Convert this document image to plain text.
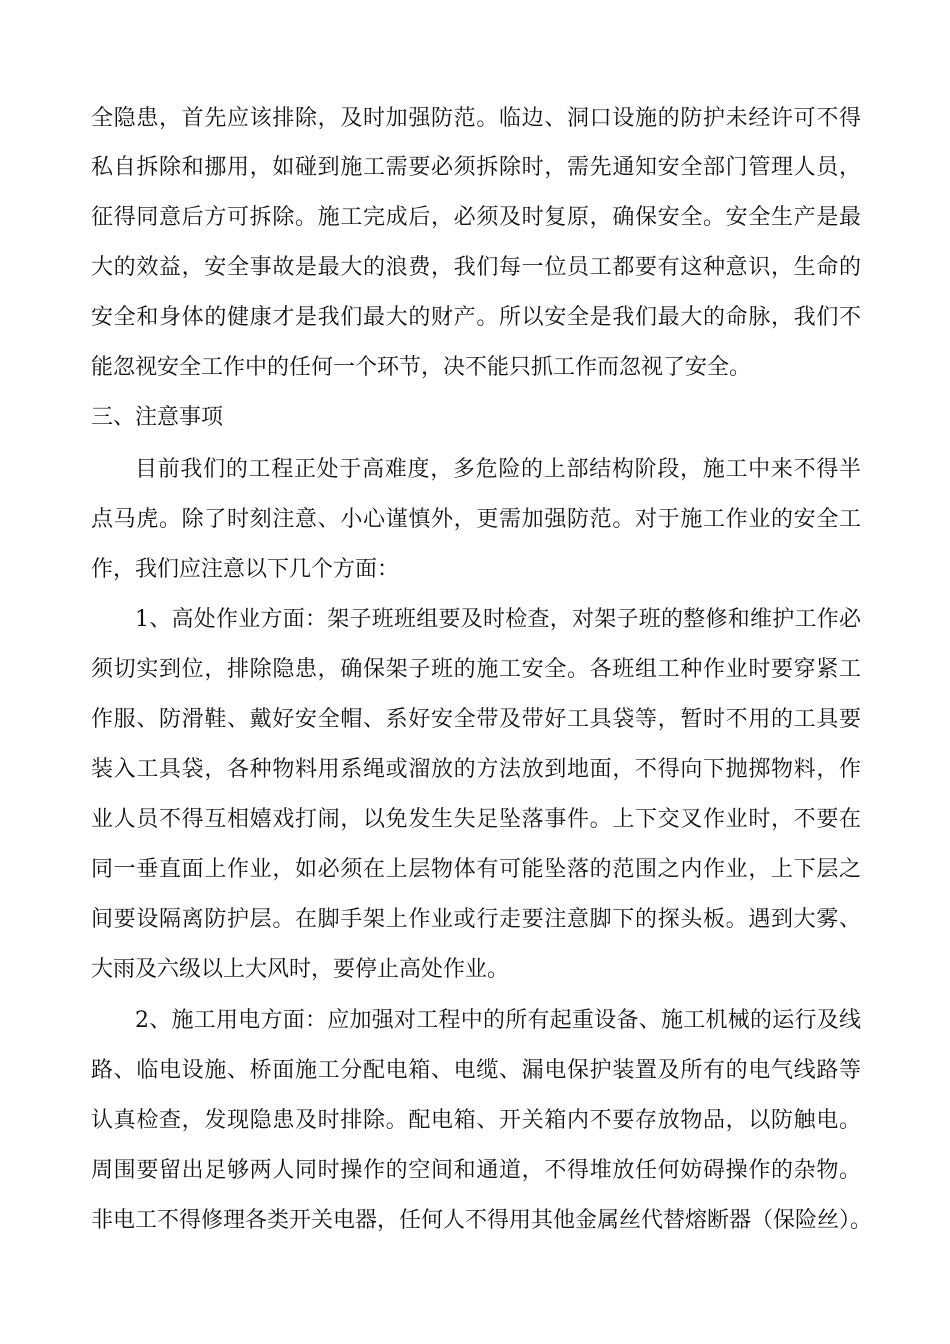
全隐患，首先应该排除，及时加强防范。临边、洞口设施的防护未经许可不得
私自拆除和挪用，如碰到施工需要必须拆除时，需先通知安全部门管理人员，
征得同意后方可拆除。施工完成后，必须及时复原，确保安全。安全生产是最
大的效益，安全事故是最大的浪费，我们每一位员工都要有这种意识，生命的
安全和身体的健康才是我们最大的财产。所以安全是我们最大的命脉，我们不
能忽视安全工作中的任何一个环节，决不能只抓工作而忽视了安全。
三、注意事项
目前我们的工程正处于高难度，多危险的上部结构阶段，施工中来不得半
点马虎。除了时刻注意、小心谨慎外，更需加强防范。对于施工作业的安全工
作，我们应注意以下几个方面：
1、高处作业方面：架子班班组要及时检查，对架子班的整修和维护工作必
须切实到位，排除隐患，确保架子班的施工安全。各班组工种作业时要穿紧工
作服、防滑鞋、戴好安全帽、系好安全带及带好工具袋等，暂时不用的工具要
装入工具袋，各种物料用系绳或溜放的方法放到地面，不得向下抛掷物料，作
业人员不得互相嬉戏打闹，以免发生失足坠落事件。上下交叉作业时，不要在
同一垂直面上作业，如必须在上层物体有可能坠落的范围之内作业，上下层之
间要设隔离防护层。在脚手架上作业或行走要注意脚下的探头板。遇到大雾、
大雨及六级以上大风时，要停止高处作业。
2、施工用电方面：应加强对工程中的所有起重设备、施工机械的运行及线
路、临电设施、桥面施工分配电箱、电缆、漏电保护装置及所有的电气线路等
认真检查，发现隐患及时排除。配电箱、开关箱内不要存放物品，以防触电。
周围要留出足够两人同时操作的空间和通道，不得堆放任何妨碍操作的杂物。
非电工不得修理各类开关电器，任何人不得用其他金属丝代替熔断器（保险丝）。
